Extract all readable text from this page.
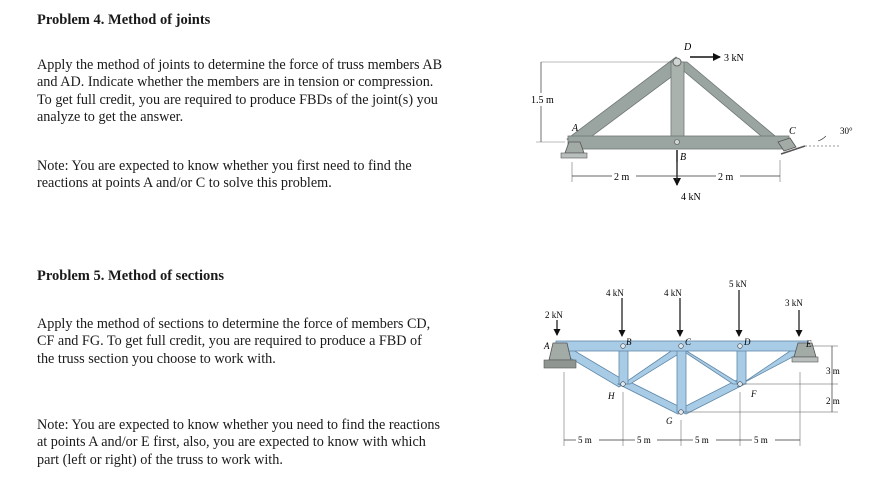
Problem 4. Method of joints
Apply the method of joints to determine the force of truss members AB
and AD. Indicate whether the members are in tension or compression.
To get full credit, you are required to produce FBDs of the joint(s) you
analyze to get the answer.
Note: You are expected to know whether you first need to find the
reactions at points A and/or C to solve this problem.
Problem 5. Method of sections
Apply the method of sections to determine the force of members CD,
CF and FG. To get full credit, you are required to produce a FBD of
the truss section you choose to work with.
Note: You are expected to know whether you need to find the reactions
at points A and/or E first, also, you are expected to know with which
part (left or right) of the truss to work with.
30°
3 kN
4 kN
A
B
C
D
1.5 m
2 m	2 m
2 kN
4 kN	4 kN
5 kN
3 kN
A	B	C	D	E
F
G
H
5 m	5 m	5 m	5 m
3 m
2 m
